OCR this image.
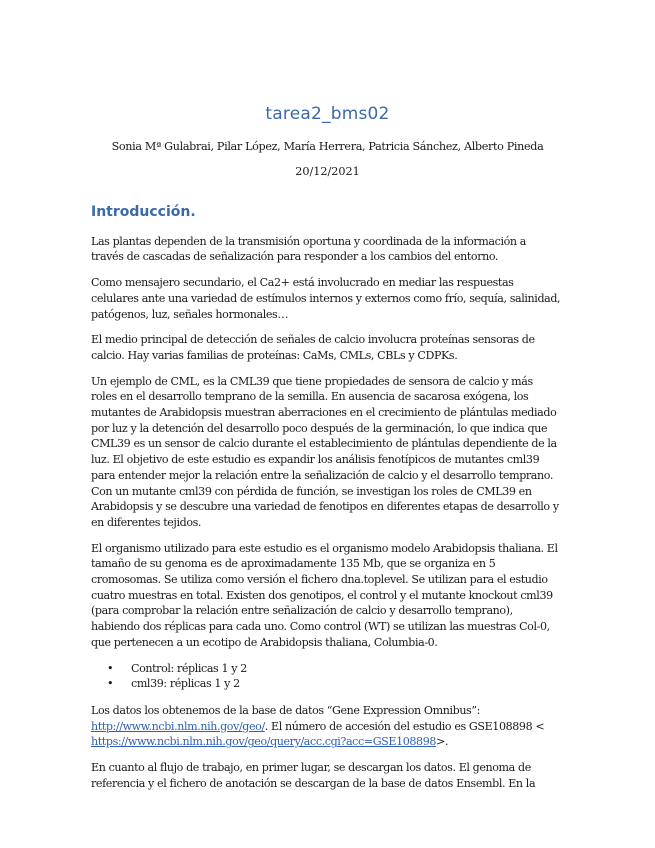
tarea2_bms02
Sonia Mª Gulabrai, Pilar López, María Herrera, Patricia Sánchez, Alberto Pineda
20/12/2021
Introducción.

Las plantas dependen de la transmisión oportuna y coordinada de la información a través de cascadas de señalización para responder a los cambios del entorno.

Como mensajero secundario, el Ca2+ está involucrado en mediar las respuestas celulares ante una variedad de estímulos internos y externos como frío, sequía, salinidad, patógenos, luz, señales hormonales…

El medio principal de detección de señales de calcio involucra proteínas sensoras de calcio. Hay varias familias de proteínas: CaMs, CMLs, CBLs y CDPKs.

Un ejemplo de CML, es la CML39 que tiene propiedades de sensora de calcio y más roles en el desarrollo temprano de la semilla. En ausencia de sacarosa exógena, los mutantes de Arabidopsis muestran aberraciones en el crecimiento de plántulas mediado por luz y la detención del desarrollo poco después de la germinación, lo que indica que CML39 es un sensor de calcio durante el establecimiento de plántulas dependiente de la luz. El objetivo de este estudio es expandir los análisis fenotípicos de mutantes cml39 para entender mejor la relación entre la señalización de calcio y el desarrollo temprano. Con un mutante cml39 con pérdida de función, se investigan los roles de CML39 en Arabidopsis y se descubre una variedad de fenotipos en diferentes etapas de desarrollo y en diferentes tejidos.

El organismo utilizado para este estudio es el organismo modelo Arabidopsis thaliana. El tamaño de su genoma es de aproximadamente 135 Mb, que se organiza en 5 cromosomas. Se utiliza como versión el fichero dna.toplevel. Se utilizan para el estudio cuatro muestras en total. Existen dos genotipos, el control y el mutante knockout cml39 (para comprobar la relación entre señalización de calcio y desarrollo temprano), habiendo dos réplicas para cada uno. Como control (WT) se utilizan las muestras Col-0, que pertenecen a un ecotipo de Arabidopsis thaliana, Columbia-0.

• Control: réplicas 1 y 2
• cml39: réplicas 1 y 2

Los datos los obtenemos de la base de datos “Gene Expression Omnibus”: http://www.ncbi.nlm.nih.gov/geo/. El número de accesión del estudio es GSE108898 < https://www.ncbi.nlm.nih.gov/geo/query/acc.cgi?acc=GSE108898>.

En cuanto al flujo de trabajo, en primer lugar, se descargan los datos. El genoma de referencia y el fichero de anotación se descargan de la base de datos Ensembl. En la
